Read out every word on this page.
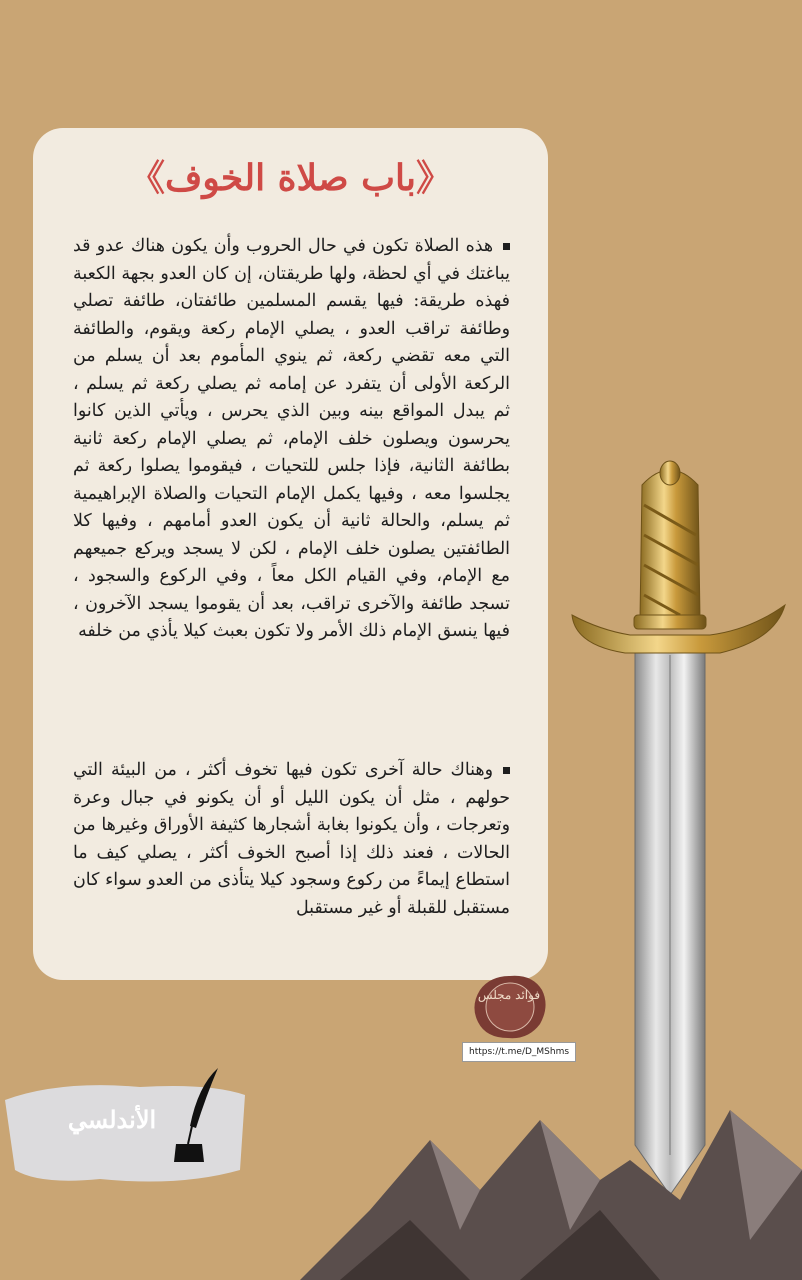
《باب صلاة الخوف》
هذه الصلاة تكون في حال الحروب وأن يكون هناك عدو قد يباغتك في أي لحظة، ولها طريقتان، إن كان العدو بجهة الكعبة فهذه طريقة: فيها يقسم المسلمين طائفتان، طائفة تصلي وطائفة تراقب العدو ، يصلي الإمام ركعة ويقوم، والطائفة التي معه تقضي ركعة، ثم ينوي المأموم بعد أن يسلم من الركعة الأولى أن يتفرد عن إمامه ثم يصلي ركعة ثم يسلم ، ثم يبدل المواقع بينه وبين الذي يحرس ، ويأتي الذين كانوا يحرسون ويصلون خلف الإمام، ثم يصلي الإمام ركعة ثانية بطائفة الثانية، فإذا جلس للتحيات ، فيقوموا يصلوا ركعة ثم يجلسوا معه ، وفيها يكمل الإمام التحيات والصلاة الإبراهيمية ثم يسلم، والحالة ثانية أن يكون العدو أمامهم ، وفيها كلا الطائفتين يصلون خلف الإمام ، لكن لا يسجد ويركع جميعهم مع الإمام، وفي القيام الكل معاً ، وفي الركوع والسجود ، تسجد طائفة والآخرى تراقب، بعد أن يقوموا يسجد الآخرون ، فيها ينسق الإمام ذلك الأمر ولا تكون بعبث كيلا يأذي من خلفه
وهناك حالة آخرى تكون فيها تخوف أكثر ، من البيئة التي حولهم ، مثل أن يكون الليل أو أن يكونو في جبال وعرة وتعرجات ، وأن يكونوا بغابة أشجارها كثيفة الأوراق وغيرها من الحالات ، فعند ذلك إذا أصبح الخوف أكثر ، يصلي كيف ما استطاع إيماءً من ركوع وسجود كيلا يتأذى من العدو سواء كان مستقبل للقبلة أو غير مستقبل
الأندلسي
فوائد مجلس
https://t.me/D_MShms
